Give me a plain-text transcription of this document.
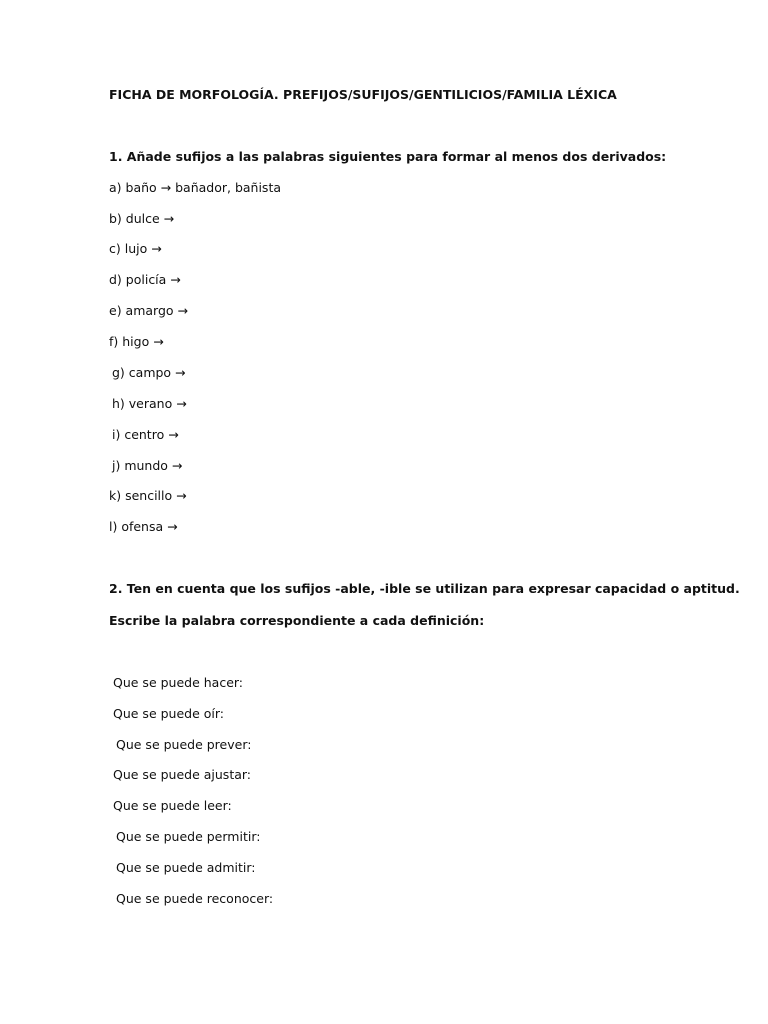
FICHA DE MORFOLOGÍA. PREFIJOS/SUFIJOS/GENTILICIOS/FAMILIA LÉXICA
1. Añade sufijos a las palabras siguientes para formar al menos dos derivados:
a) baño → bañador, bañista
b) dulce →
c) lujo →
d) policía →
e) amargo →
f) higo →
g) campo →
h) verano →
i) centro →
j) mundo →
k) sencillo →
l) ofensa →
2. Ten en cuenta que los sufijos -able, -ible se utilizan para expresar capacidad o aptitud.
Escribe la palabra correspondiente a cada definición:
Que se puede hacer:
Que se puede oír:
Que se puede prever:
Que se puede ajustar:
Que se puede leer:
Que se puede permitir:
Que se puede admitir:
Que se puede reconocer:
